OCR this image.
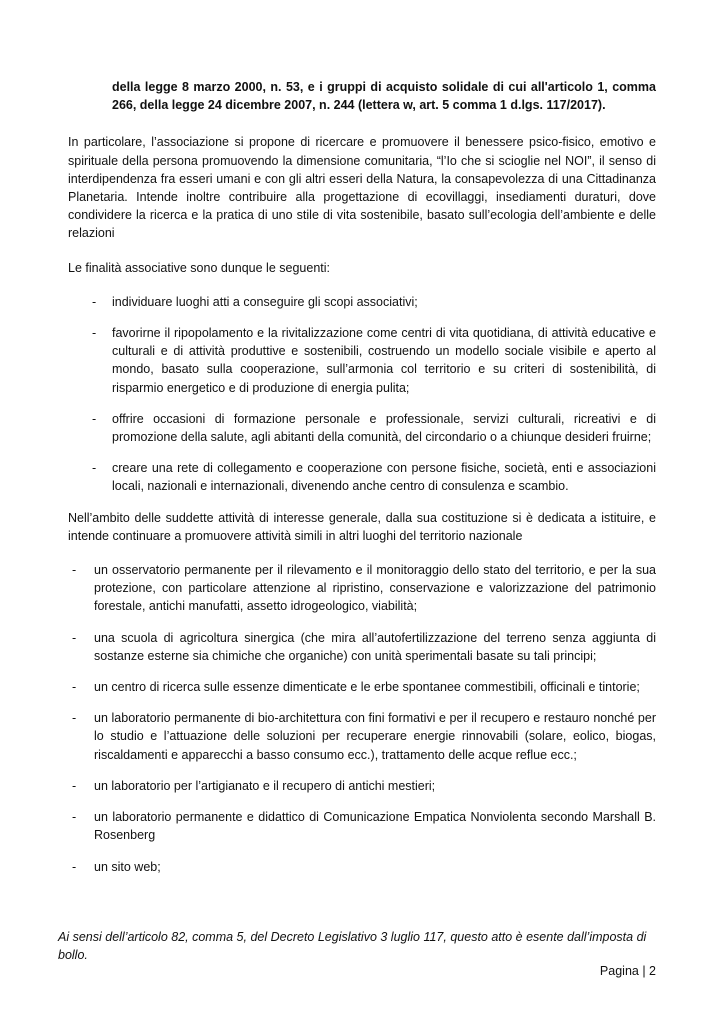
della legge 8 marzo 2000, n. 53, e i gruppi di acquisto solidale di cui all'articolo 1, comma 266, della legge 24 dicembre 2007, n. 244 (lettera w, art. 5 comma 1 d.lgs. 117/2017).

In particolare, l’associazione si propone di ricercare e promuovere il benessere psico-fisico, emotivo e spirituale della persona promuovendo la dimensione comunitaria, “l’Io che si scioglie nel NOI”, il senso di interdipendenza fra esseri umani e con gli altri esseri della Natura, la consapevolezza di una Cittadinanza Planetaria. Intende inoltre contribuire alla progettazione di ecovillaggi, insediamenti duraturi, dove condividere la ricerca e la pratica di uno stile di vita sostenibile, basato sull’ecologia dell’ambiente e delle relazioni

Le finalità associative sono dunque le seguenti:

- individuare luoghi atti a conseguire gli scopi associativi;
- favorirne il ripopolamento e la rivitalizzazione come centri di vita quotidiana, di attività educative e culturali e di attività produttive e sostenibili, costruendo un modello sociale visibile e aperto al mondo, basato sulla cooperazione, sull’armonia col territorio e su criteri di sostenibilità, di risparmio energetico e di produzione di energia pulita;
- offrire occasioni di formazione personale e professionale, servizi culturali, ricreativi e di promozione della salute, agli abitanti della comunità, del circondario o a chiunque desideri fruirne;
- creare una rete di collegamento e cooperazione con persone fisiche, società, enti e associazioni locali, nazionali e internazionali, divenendo anche centro di consulenza e scambio.

Nell’ambito delle suddette attività di interesse generale, dalla sua costituzione si è dedicata a istituire, e intende continuare a promuovere attività simili in altri luoghi del territorio nazionale

- un osservatorio permanente per il rilevamento e il monitoraggio dello stato del territorio, e per la sua protezione, con particolare attenzione al ripristino, conservazione e valorizzazione del patrimonio forestale, antichi manufatti, assetto idrogeologico, viabilità;
- una scuola di agricoltura sinergica (che mira all’autofertilizzazione del terreno senza aggiunta di sostanze esterne sia chimiche che organiche) con unità sperimentali basate su tali principi;
- un centro di ricerca sulle essenze dimenticate e le erbe spontanee commestibili, officinali e tintorie;
- un laboratorio permanente di bio-architettura con fini formativi e per il recupero e restauro nonché per lo studio e l’attuazione delle soluzioni per recuperare energie rinnovabili (solare, eolico, biogas, riscaldamenti e apparecchi a basso consumo ecc.), trattamento delle acque reflue ecc.;
- un laboratorio per l’artigianato e il recupero di antichi mestieri;
- un laboratorio permanente e didattico di Comunicazione Empatica Nonviolenta secondo Marshall B. Rosenberg
- un sito web;
Ai sensi dell’articolo 82, comma 5, del Decreto Legislativo 3 luglio 117, questo atto è esente dall’imposta di bollo.
Pagina | 2
